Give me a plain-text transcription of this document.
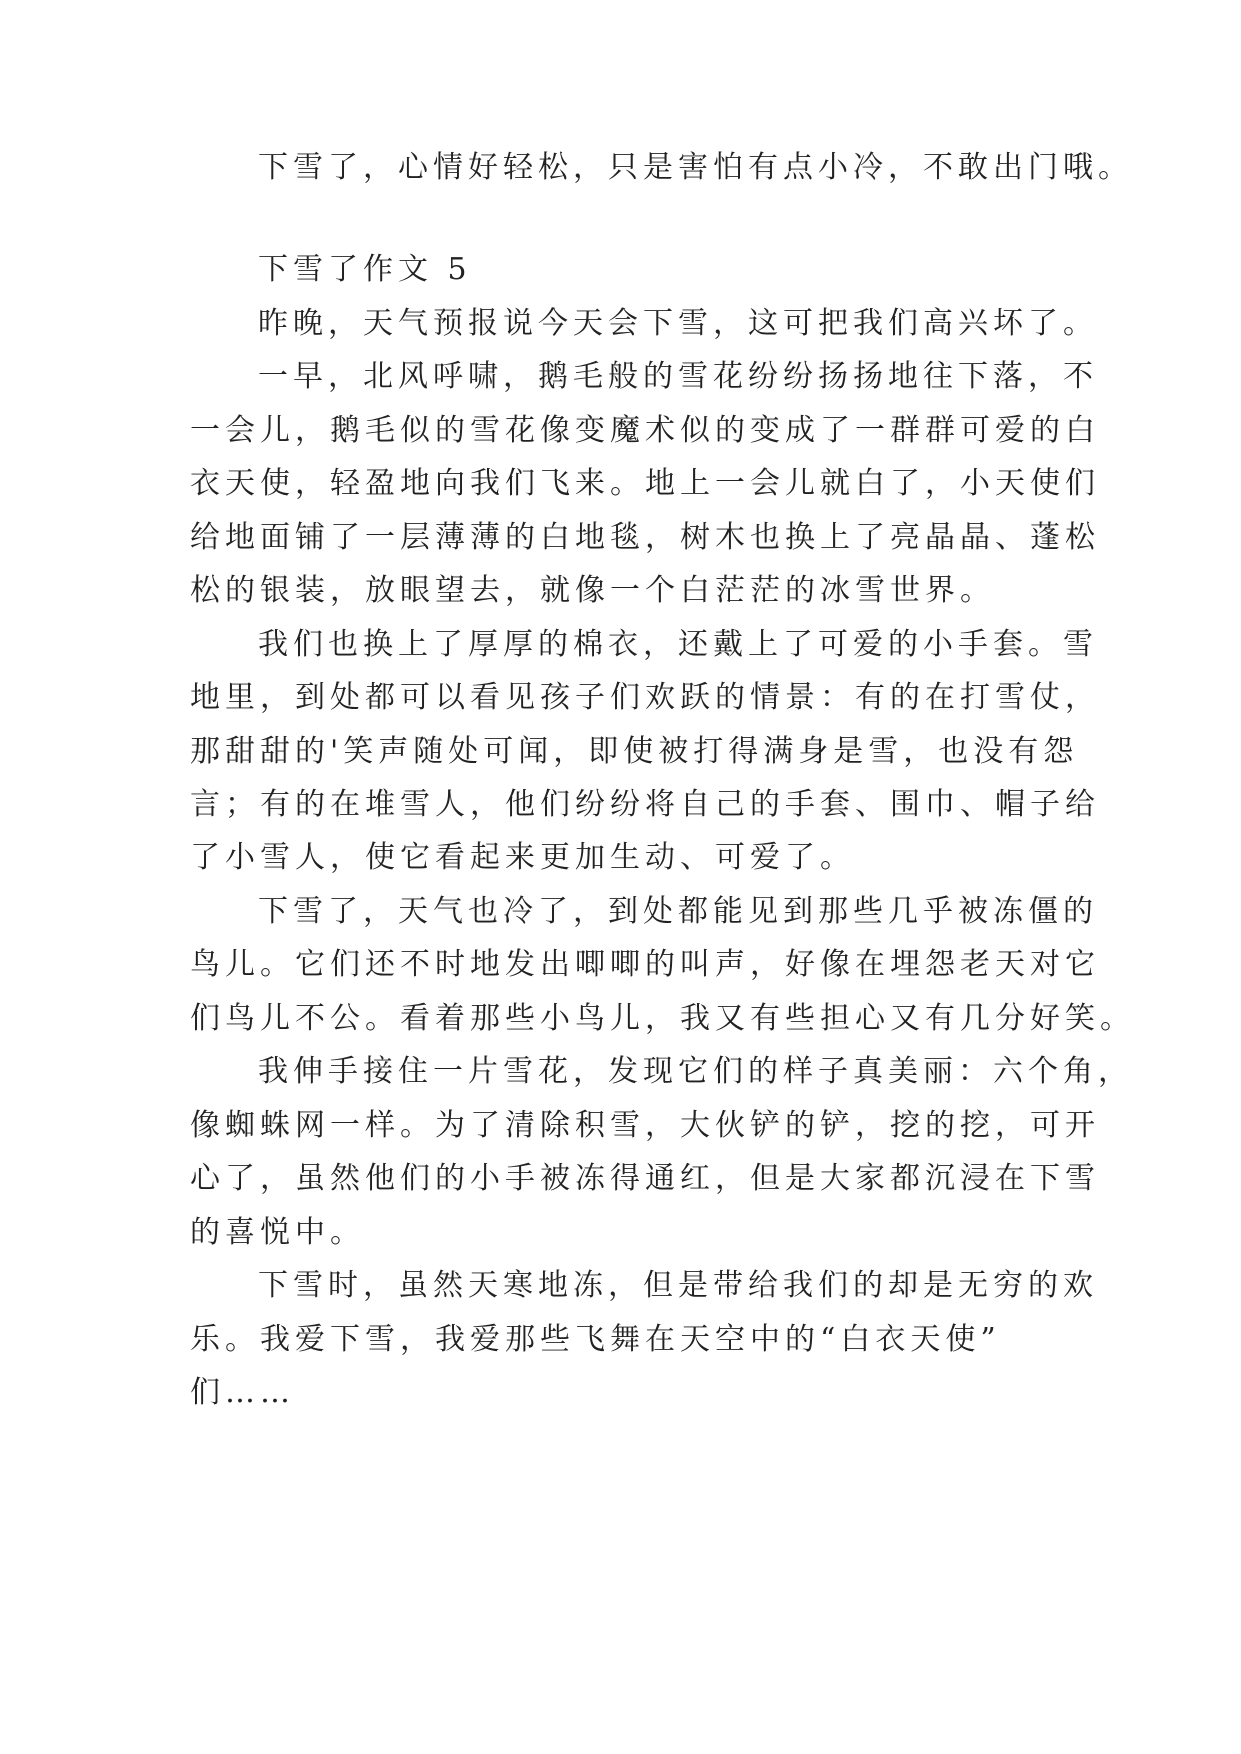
下雪了，心情好轻松，只是害怕有点小冷，不敢出门哦。
下雪了作文 5
昨晚，天气预报说今天会下雪，这可把我们高兴坏了。
一早，北风呼啸，鹅毛般的雪花纷纷扬扬地往下落，不
一会儿，鹅毛似的雪花像变魔术似的变成了一群群可爱的白
衣天使，轻盈地向我们飞来。地上一会儿就白了，小天使们
给地面铺了一层薄薄的白地毯，树木也换上了亮晶晶、蓬松
松的银装，放眼望去，就像一个白茫茫的冰雪世界。
我们也换上了厚厚的棉衣，还戴上了可爱的小手套。雪
地里，到处都可以看见孩子们欢跃的情景：有的在打雪仗，
那甜甜的'笑声随处可闻，即使被打得满身是雪，也没有怨
言；有的在堆雪人，他们纷纷将自己的手套、围巾、帽子给
了小雪人，使它看起来更加生动、可爱了。
下雪了，天气也冷了，到处都能见到那些几乎被冻僵的
鸟儿。它们还不时地发出唧唧的叫声，好像在埋怨老天对它
们鸟儿不公。看着那些小鸟儿，我又有些担心又有几分好笑。
我伸手接住一片雪花，发现它们的样子真美丽：六个角，
像蜘蛛网一样。为了清除积雪，大伙铲的铲，挖的挖，可开
心了，虽然他们的小手被冻得通红，但是大家都沉浸在下雪
的喜悦中。
下雪时，虽然天寒地冻，但是带给我们的却是无穷的欢
乐。我爱下雪，我爱那些飞舞在天空中的“白衣天使”
们……
